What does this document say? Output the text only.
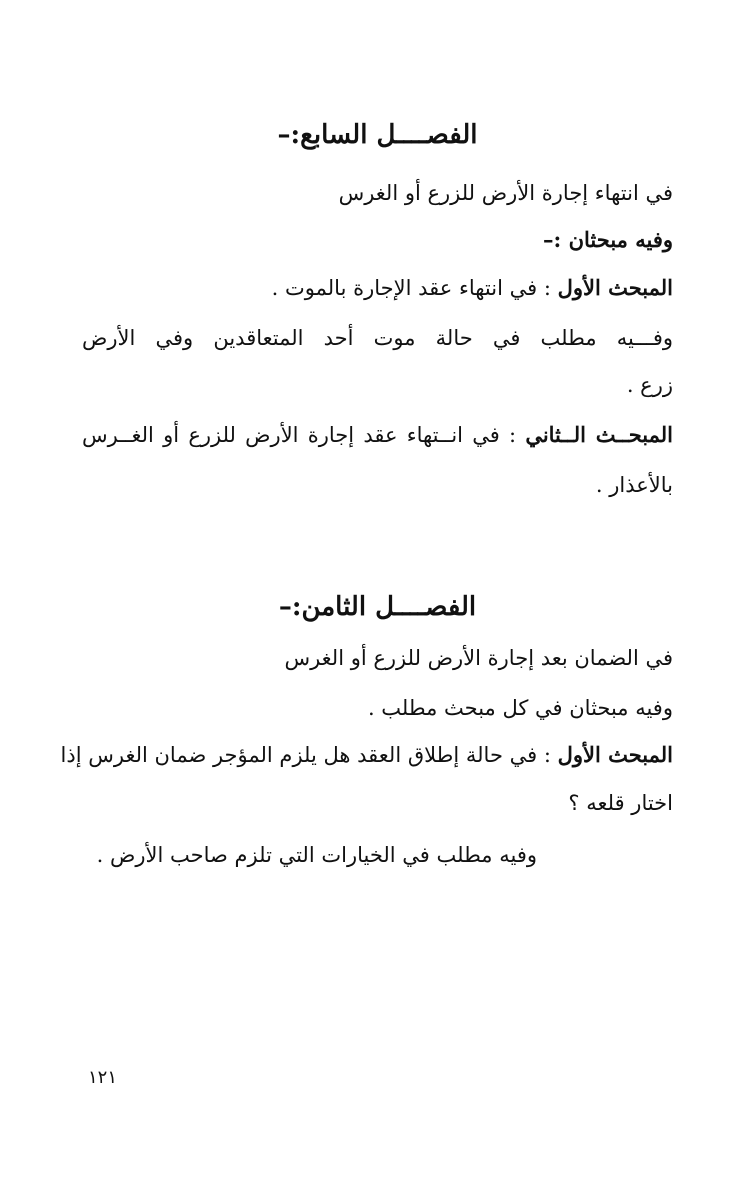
الفصــــل السابع:–
في انتهاء إجارة الأرض للزرع أو الغرس
وفيه مبحثان :–
المبحث الأول : في انتهاء عقد الإجارة بالموت .
وفـــيه مطلب في حالة موت أحد المتعاقدين وفي الأرض
زرع .
المبحــث الــثاني : في انــتهاء عقد إجارة الأرض للزرع أو الغــرس
بالأعذار .
الفصــــل الثامن:–
في الضمان بعد إجارة الأرض للزرع أو الغرس
وفيه مبحثان في كل مبحث مطلب .
المبحث الأول : في حالة إطلاق العقد هل يلزم المؤجر ضمان الغرس إذا
اختار قلعه ؟
وفيه مطلب في الخيارات التي تلزم صاحب الأرض .
١٢١
